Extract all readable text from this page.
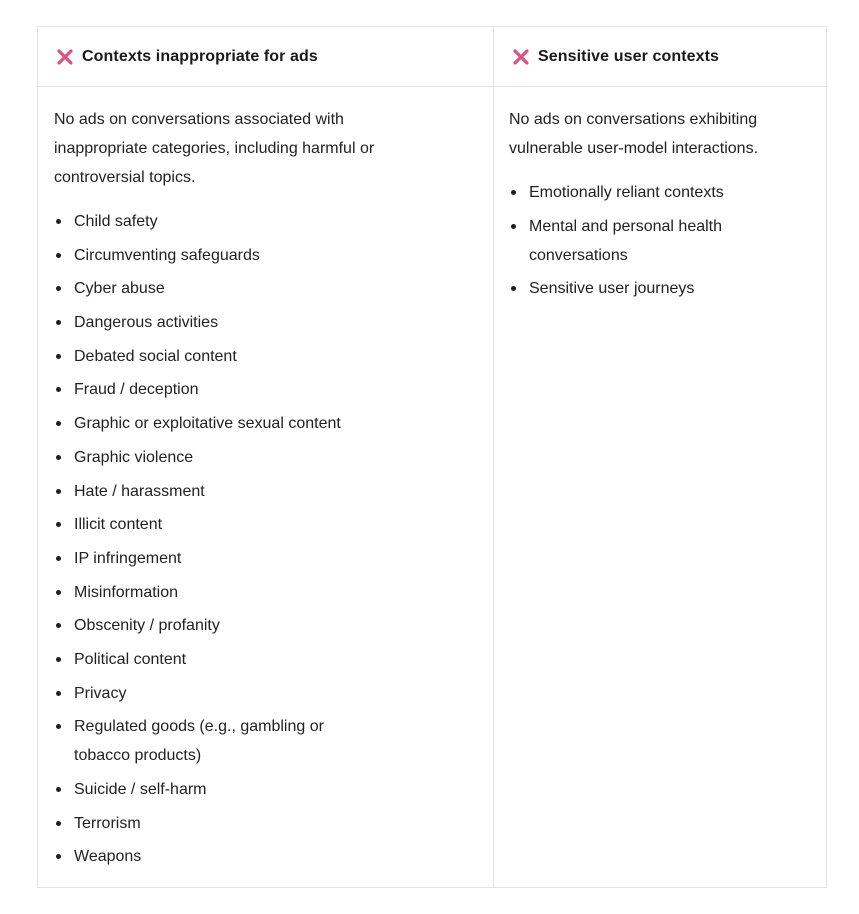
Contexts inappropriate for ads

No ads on conversations associated with inappropriate categories, including harmful or controversial topics.

Child safety
Circumventing safeguards
Cyber abuse
Dangerous activities
Debated social content
Fraud / deception
Graphic or exploitative sexual content
Graphic violence
Hate / harassment
Illicit content
IP infringement
Misinformation
Obscenity / profanity
Political content
Privacy
Regulated goods (e.g., gambling or tobacco products)
Suicide / self-harm
Terrorism
Weapons
Sensitive user contexts

No ads on conversations exhibiting vulnerable user-model interactions.

Emotionally reliant contexts
Mental and personal health conversations
Sensitive user journeys
